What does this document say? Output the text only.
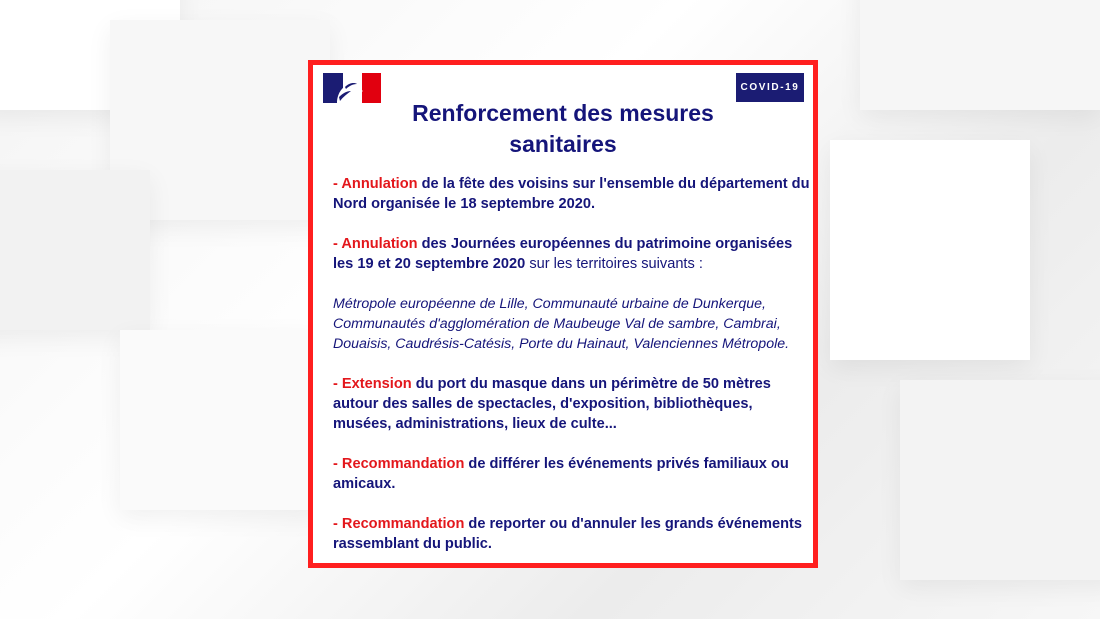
COVID-19
Renforcement des mesures
sanitaires

- Annulation de la fête des voisins sur l'ensemble du département du Nord organisée le 18 septembre 2020.

- Annulation des Journées européennes du patrimoine organisées les 19 et 20 septembre 2020 sur les territoires suivants :

Métropole européenne de Lille, Communauté urbaine de Dunkerque, Communautés d'agglomération de Maubeuge Val de sambre, Cambrai, Douaisis, Caudrésis-Catésis, Porte du Hainaut, Valenciennes Métropole.

- Extension du port du masque dans un périmètre de 50 mètres autour des salles de spectacles, d'exposition, bibliothèques, musées, administrations, lieux de culte...

- Recommandation de différer les événements privés familiaux ou amicaux.

- Recommandation de reporter ou d'annuler les grands événements rassemblant du public.
